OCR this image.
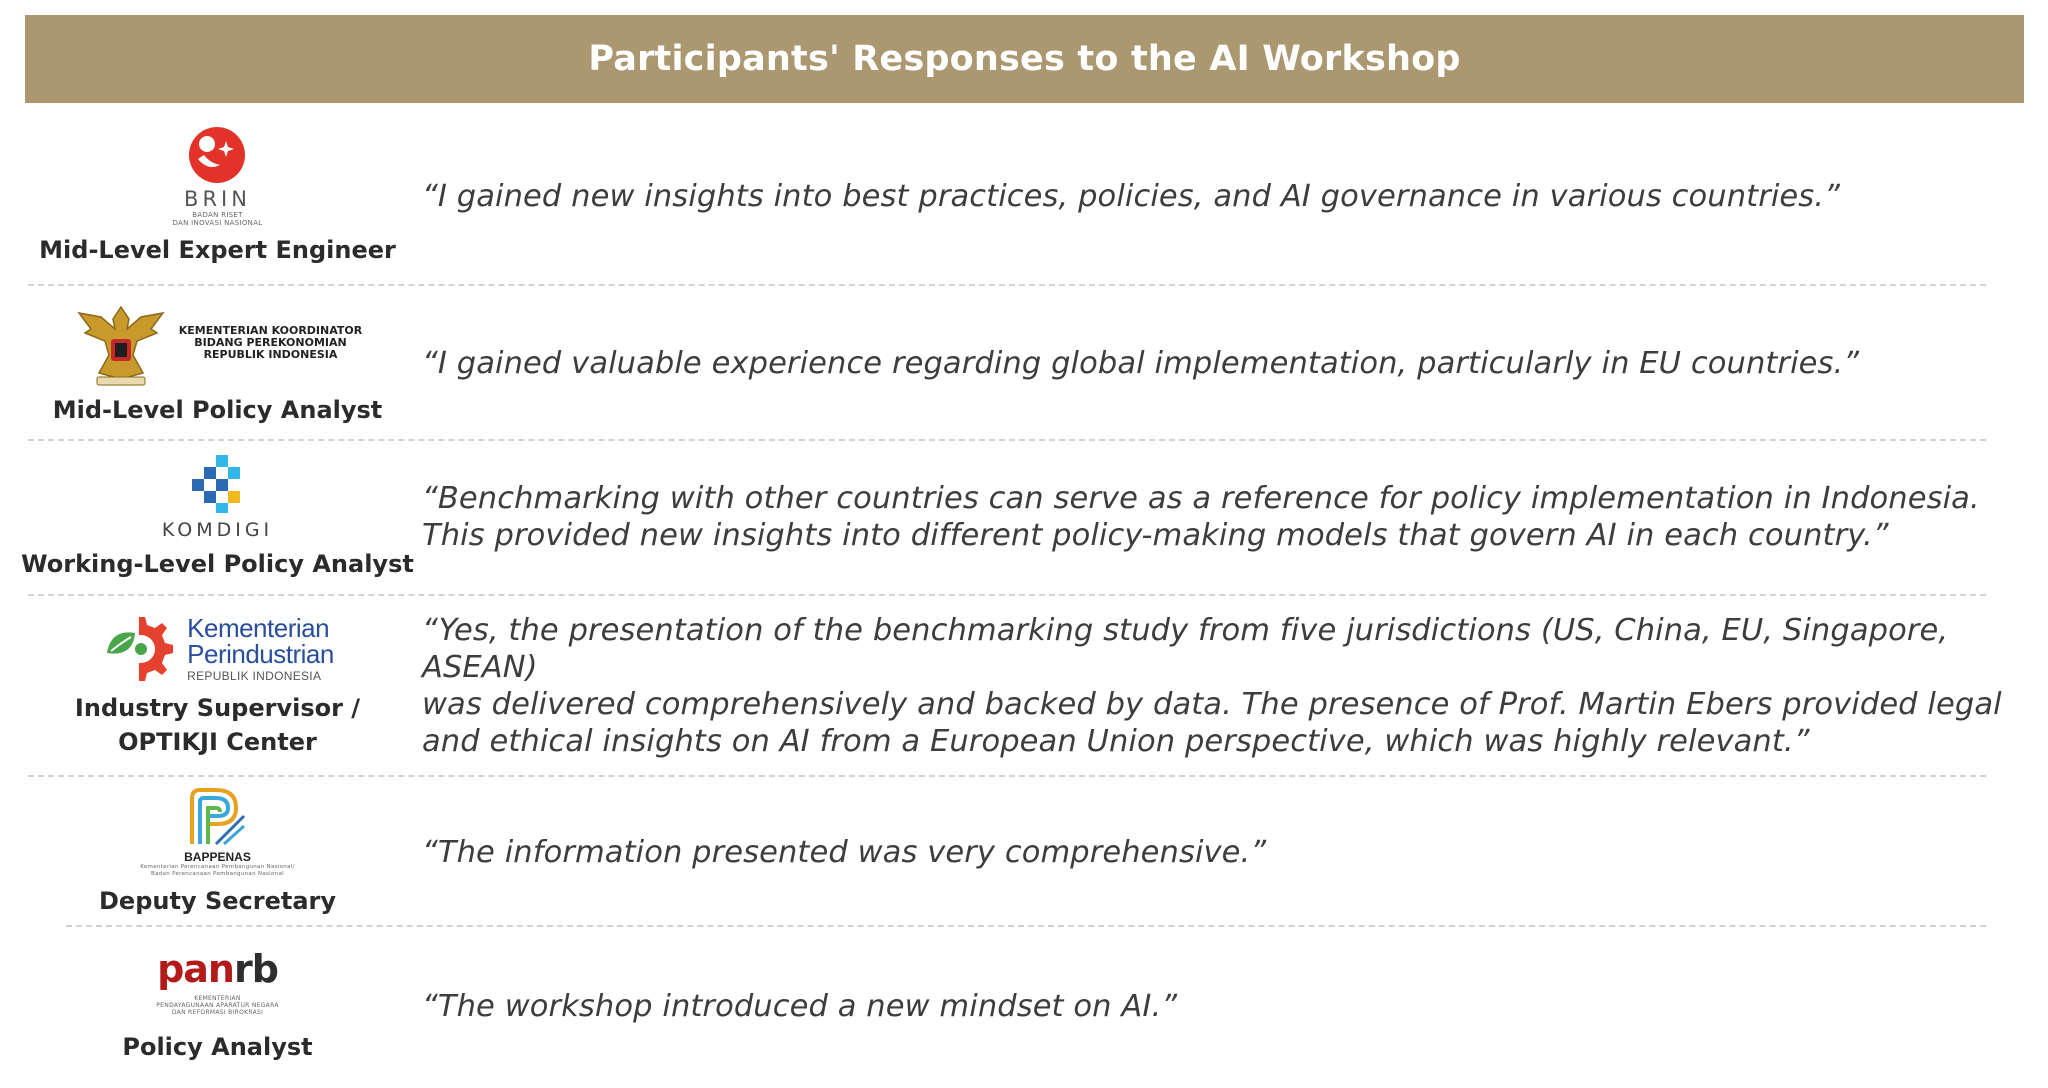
Participants' Responses to the AI Workshop
BRIN
BADAN RISET
DAN INOVASI NASIONAL
Mid-Level Expert Engineer
“I gained new insights into best practices, policies, and AI governance in various countries.”
KEMENTERIAN KOORDINATOR
BIDANG PEREKONOMIAN
REPUBLIK INDONESIA
Mid-Level Policy Analyst
“I gained valuable experience regarding global implementation, particularly in EU countries.”
KOMDIGI
Working-Level Policy Analyst
“Benchmarking with other countries can serve as a reference for policy implementation in Indonesia.
This provided new insights into different policy-making models that govern AI in each country.”
Kementerian
Perindustrian
REPUBLIK INDONESIA
Industry Supervisor /
OPTIKJI Center
“Yes, the presentation of the benchmarking study from five jurisdictions (US, China, EU, Singapore, ASEAN)
was delivered comprehensively and backed by data. The presence of Prof. Martin Ebers provided legal
and ethical insights on AI from a European Union perspective, which was highly relevant.”
BAPPENAS
Kementerian Perencanaan Pembangunan Nasional/
Badan Perencanaan Pembangunan Nasional
Deputy Secretary
“The information presented was very comprehensive.”
panrb
KEMENTERIAN
PENDAYAGUNAAN APARATUR NEGARA
DAN REFORMASI BIROKRASI
Policy Analyst
“The workshop introduced a new mindset on AI.”
